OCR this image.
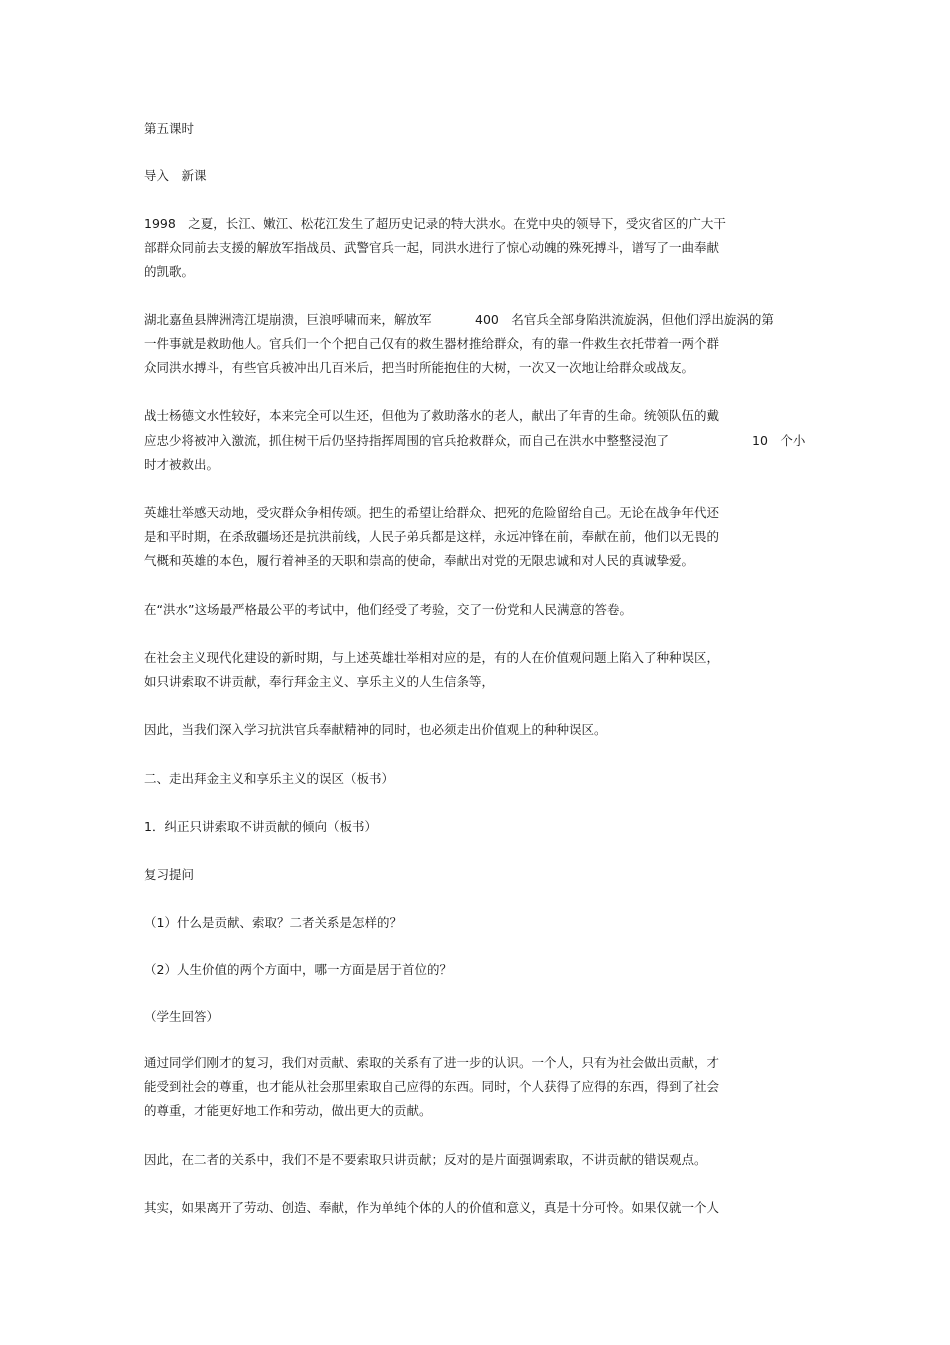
第五课时

导入　新课

1998　之夏，长江、嫩江、松花江发生了超历史记录的特大洪水。在党中央的领导下，受灾省区的广大干

部群众同前去支援的解放军指战员、武警官兵一起，同洪水进行了惊心动魄的殊死搏斗，谱写了一曲奉献

的凯歌。

湖北嘉鱼县牌洲湾江堤崩溃，巨浪呼啸而来，解放军	400　名官兵全部身陷洪流旋涡，但他们浮出旋涡的第

一件事就是救助他人。官兵们一个个把自己仅有的救生器材推给群众，有的靠一件救生衣托带着一两个群

众同洪水搏斗，有些官兵被冲出几百米后，把当时所能抱住的大树，一次又一次地让给群众或战友。

战士杨德文水性较好，本来完全可以生还，但他为了救助落水的老人，献出了年青的生命。统领队伍的戴

应忠少将被冲入激流，抓住树干后仍坚持指挥周围的官兵抢救群众，而自己在洪水中整整浸泡了	10　个小

时才被救出。

英雄壮举感天动地，受灾群众争相传颂。把生的希望让给群众、把死的危险留给自己。无论在战争年代还

是和平时期，在杀敌疆场还是抗洪前线，人民子弟兵都是这样，永远冲锋在前，奉献在前，他们以无畏的

气概和英雄的本色，履行着神圣的天职和崇高的使命，奉献出对党的无限忠诚和对人民的真诚挚爱。

在“洪水”这场最严格最公平的考试中，他们经受了考验，交了一份党和人民满意的答卷。

在社会主义现代化建设的新时期，与上述英雄壮举相对应的是，有的人在价值观问题上陷入了种种误区，

如只讲索取不讲贡献，奉行拜金主义、享乐主义的人生信条等，

因此，当我们深入学习抗洪官兵奉献精神的同时，也必须走出价值观上的种种误区。

二、走出拜金主义和享乐主义的误区（板书）

1．纠正只讲索取不讲贡献的倾向（板书）

复习提问

（1）什么是贡献、索取？二者关系是怎样的？

（2）人生价值的两个方面中，哪一方面是居于首位的？

（学生回答）

通过同学们刚才的复习，我们对贡献、索取的关系有了进一步的认识。一个人，只有为社会做出贡献，才

能受到社会的尊重，也才能从社会那里索取自己应得的东西。同时，个人获得了应得的东西，得到了社会

的尊重，才能更好地工作和劳动，做出更大的贡献。

因此，在二者的关系中，我们不是不要索取只讲贡献；反对的是片面强调索取，不讲贡献的错误观点。

其实，如果离开了劳动、创造、奉献，作为单纯个体的人的价值和意义，真是十分可怜。如果仅就一个人
